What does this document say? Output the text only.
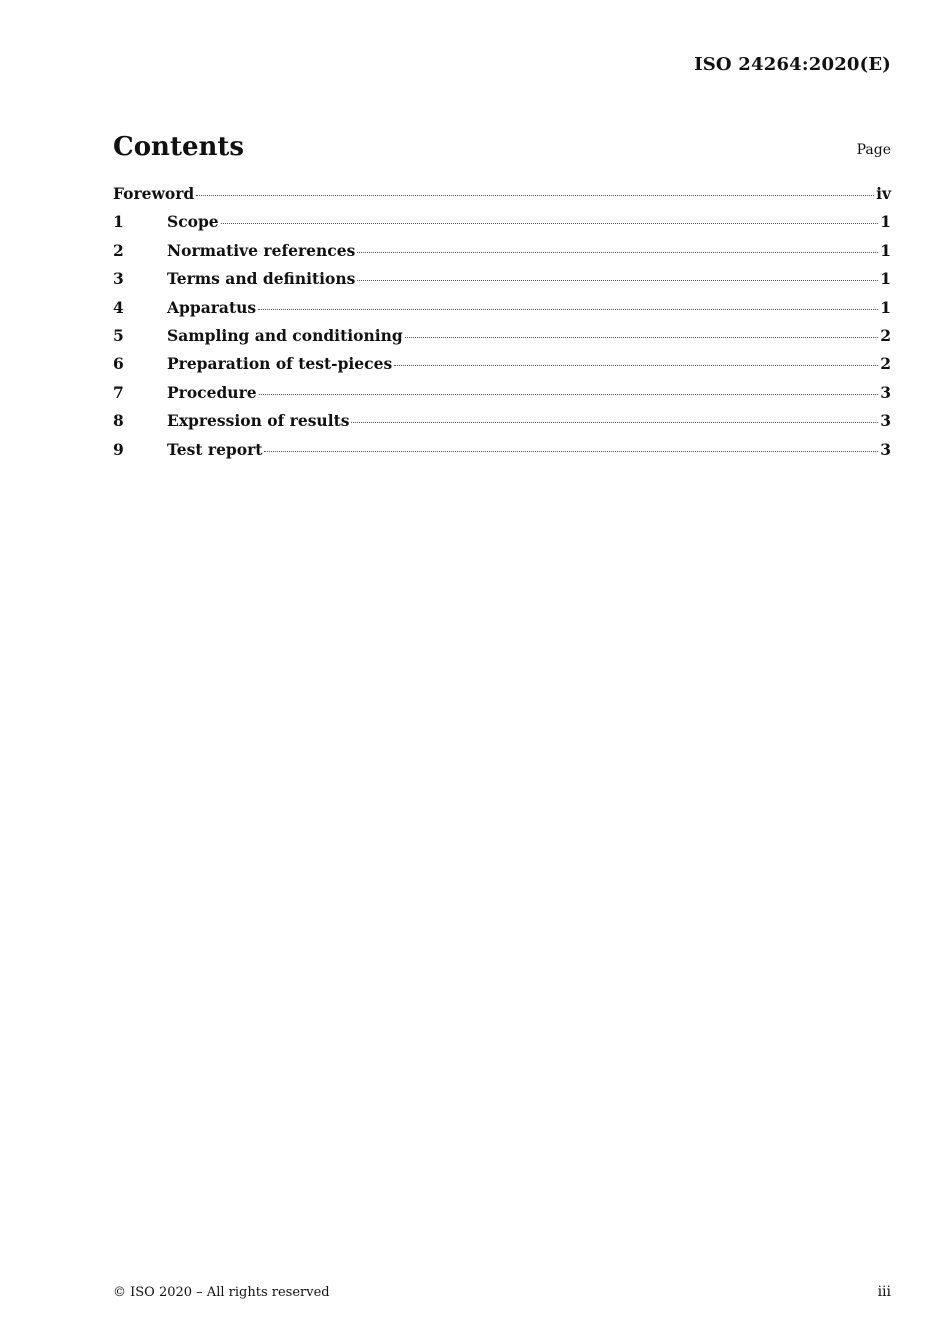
ISO 24264:2020(E)
Contents	Page
Foreword	iv
1	Scope	1
2	Normative references	1
3	Terms and definitions	1
4	Apparatus	1
5	Sampling and conditioning	2
6	Preparation of test-pieces	2
7	Procedure	3
8	Expression of results	3
9	Test report	3
© ISO 2020 – All rights reserved	iii
